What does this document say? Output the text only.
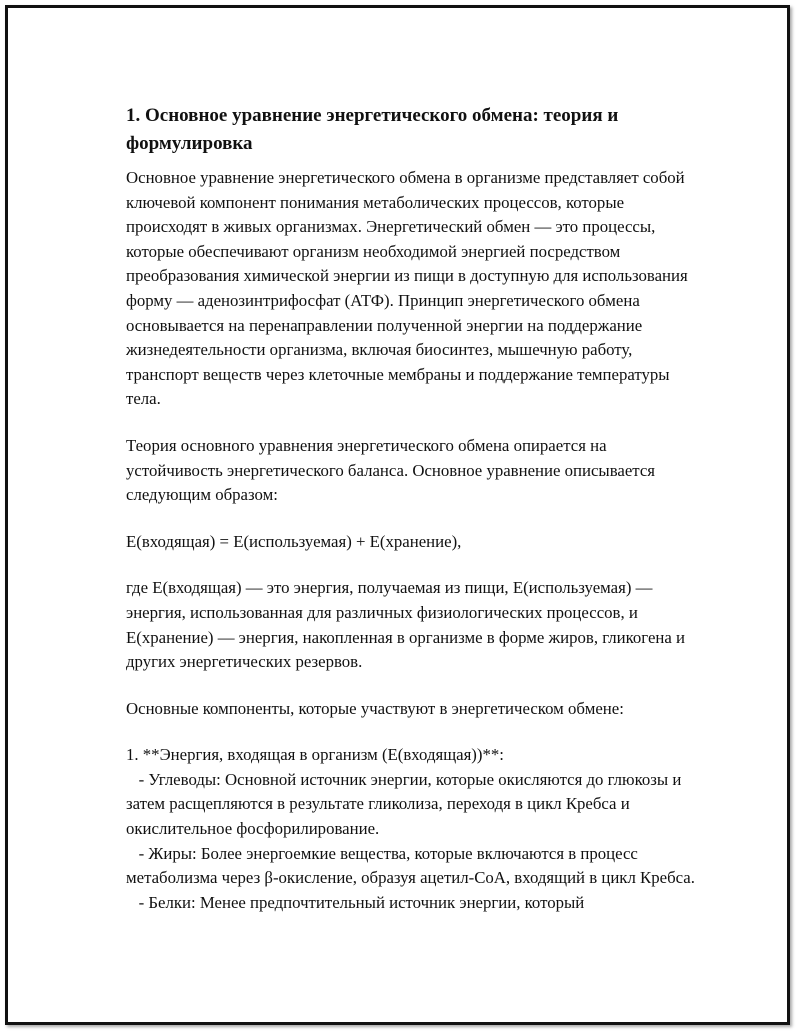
1. Основное уравнение энергетического обмена: теория и формулировка

Основное уравнение энергетического обмена в организме представляет собой ключевой компонент понимания метаболических процессов, которые происходят в живых организмах. Энергетический обмен — это процессы, которые обеспечивают организм необходимой энергией посредством преобразования химической энергии из пищи в доступную для использования форму — аденозинтрифосфат (АТФ). Принцип энергетического обмена основывается на перенаправлении полученной энергии на поддержание жизнедеятельности организма, включая биосинтез, мышечную работу, транспорт веществ через клеточные мембраны и поддержание температуры тела.

Теория основного уравнения энергетического обмена опирается на устойчивость энергетического баланса. Основное уравнение описывается следующим образом:

E(входящая) = E(используемая) + E(хранение),

где E(входящая) — это энергия, получаемая из пищи, E(используемая) — энергия, использованная для различных физиологических процессов, и E(хранение) — энергия, накопленная в организме в форме жиров, гликогена и других энергетических резервов.

Основные компоненты, которые участвуют в энергетическом обмене:

1. **Энергия, входящая в организм (E(входящая))**:

- Углеводы: Основной источник энергии, которые окисляются до глюкозы и затем расщепляются в результате гликолиза, переходя в цикл Кребса и окислительное фосфорилирование.

- Жиры: Более энергоемкие вещества, которые включаются в процесс метаболизма через β-окисление, образуя ацетил-CoA, входящий в цикл Кребса.

- Белки: Менее предпочтительный источник энергии, который
